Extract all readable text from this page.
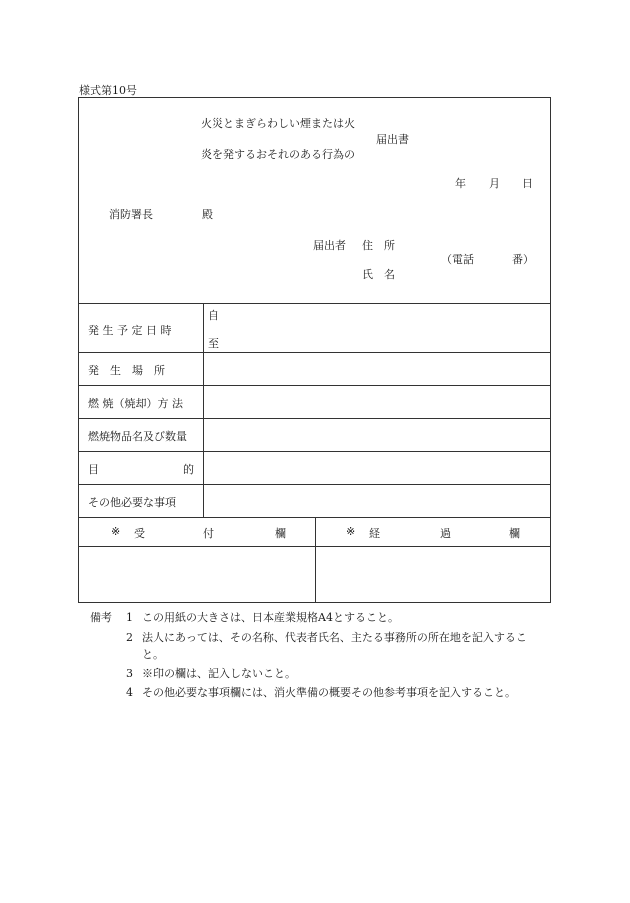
様式第10号
火災とまぎらわしい煙または火
炎を発するおそれのある行為の
届出書
年 月 日
消防署長	殿
届出者 住　所
（電話	番）
氏　名
発 生 予 定 日 時
自
至
発　生　場　所
燃 焼（焼却）方 法
燃焼物品名及び数量
目	的
その他必要な事項
※ 受	付	欄	※ 経	過	欄
備考 1 この用紙の大きさは、日本産業規格A4とすること。
2 法人にあっては、その名称、代表者氏名、主たる事務所の所在地を記入するこ
と。
3 ※印の欄は、記入しないこと。
4 その他必要な事項欄には、消火準備の概要その他参考事項を記入すること。
